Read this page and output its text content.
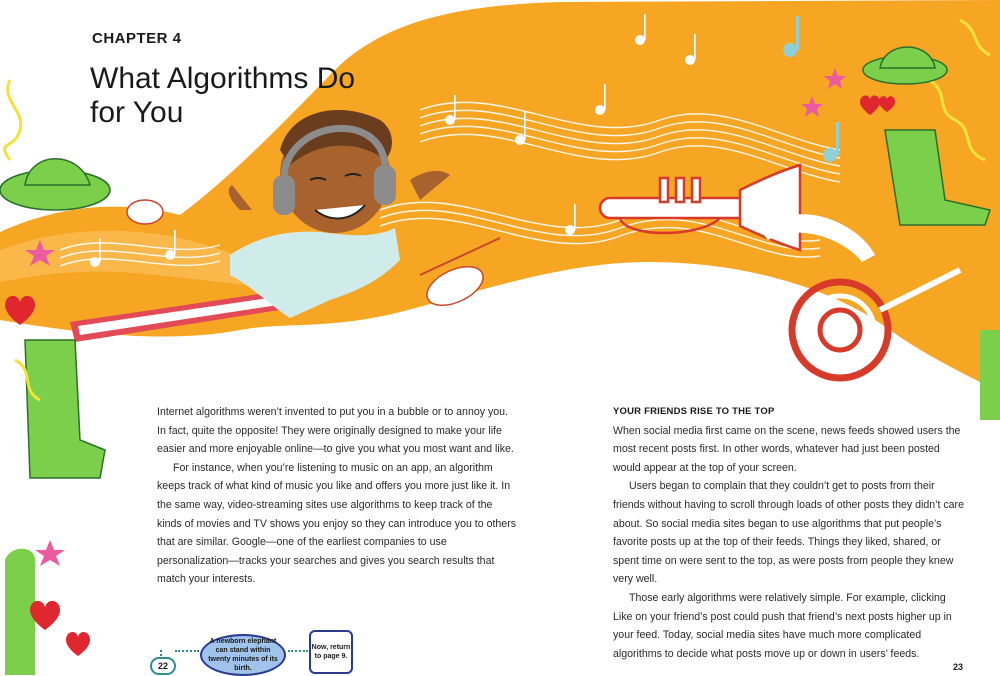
CHAPTER 4
What Algorithms Do for You

Internet algorithms weren’t invented to put you in a bubble or to annoy you. In fact, quite the opposite! They were originally designed to make your life easier and more enjoyable online—to give you what you most want and like.

For instance, when you’re listening to music on an app, an algorithm keeps track of what kind of music you like and offers you more just like it. In the same way, video-streaming sites use algorithms to keep track of the kinds of movies and TV shows you enjoy so they can introduce you to others that are similar. Google—one of the earliest companies to use personalization—tracks your searches and gives you search results that match your interests.

YOUR FRIENDS RISE TO THE TOP

When social media first came on the scene, news feeds showed users the most recent posts first. In other words, whatever had just been posted would appear at the top of your screen.

Users began to complain that they couldn’t get to posts from their friends without having to scroll through loads of other posts they didn’t care about. So social media sites began to use algorithms that put people’s favorite posts up at the top of their feeds. Things they liked, shared, or spent time on were sent to the top, as were posts from people they knew very well.

Those early algorithms were relatively simple. For example, clicking Like on your friend’s post could push that friend’s next posts higher up in your feed. Today, social media sites have much more complicated algorithms to decide what posts move up or down in users’ feeds.

22
A newborn elephant can stand within twenty minutes of its birth.
Now, return to page 9.
23
